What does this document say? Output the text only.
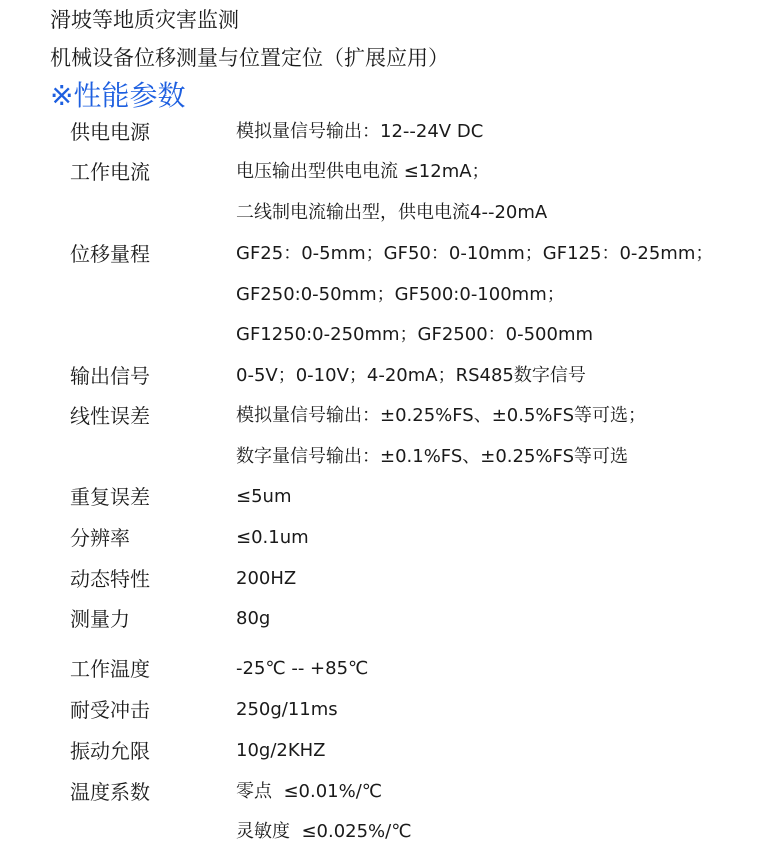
滑坡等地质灾害监测
机械设备位移测量与位置定位（扩展应用）
※性能参数
供电电源	模拟量信号输出：12--24V DC
工作电流	电压输出型供电电流 ≤12mA；
二线制电流输出型，供电电流4--20mA
位移量程	GF25：0-5mm；GF50：0-10mm；GF125：0-25mm；
GF250:0-50mm；GF500:0-100mm；
GF1250:0-250mm；GF2500：0-500mm
输出信号	0-5V；0-10V；4-20mA；RS485数字信号
线性误差	模拟量信号输出：±0.25%FS、±0.5%FS等可选；
数字量信号输出：±0.1%FS、±0.25%FS等可选
重复误差	≤5um
分辨率	≤0.1um
动态特性	200HZ
测量力	80g
工作温度	-25℃ -- +85℃
耐受冲击	250g/11ms
振动允限	10g/2KHZ
温度系数	零点  ≤0.01%/℃
灵敏度  ≤0.025%/℃
